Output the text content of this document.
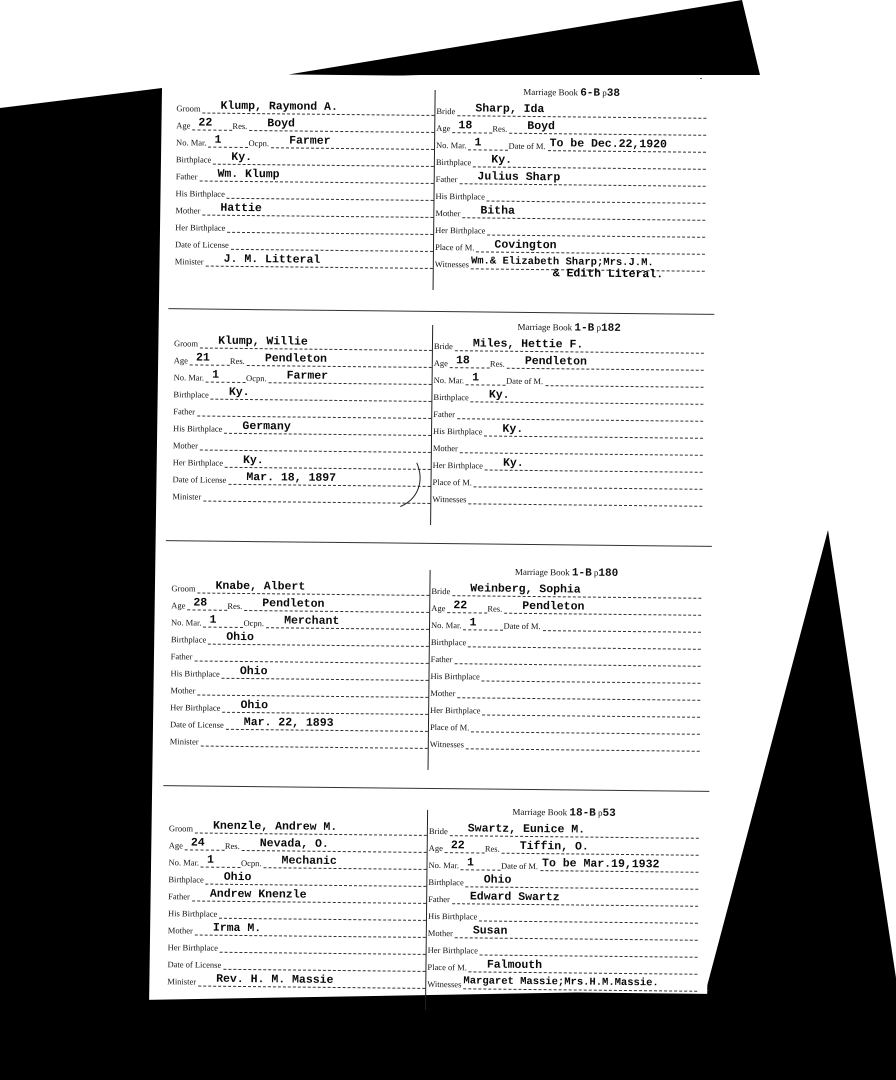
Groom	Klump, Raymond A.
Age 22	Res.	Boyd
No. Mar. 1	Ocpn.	Farmer
Birthplace	Ky.
Father	Wm. Klump
His Birthplace
Mother	Hattie
Her Birthplace
Date of License
Minister	J. M. Litteral
Marriage Book 6-B p38
Bride	Sharp, Ida
Age 18	Res.	Boyd
No. Mar. 1	Date of M. To be Dec.22,1920
Birthplace	Ky.
Father	Julius Sharp
His Birthplace
Mother	Bitha
Her Birthplace
Place of M.	Covington
Witnesses Wm.& Elizabeth Sharp;Mrs.J.M.
& Edith Literal.
Groom	Klump, Willie
Age 21	Res.	Pendleton
No. Mar. 1	Ocpn.	Farmer
Birthplace	Ky.
Father
His Birthplace	Germany
Mother
Her Birthplace	Ky.
Date of License	Mar. 18, 1897
Minister
Marriage Book 1-B p182
Bride	Miles, Hettie F.
Age 18	Res.	Pendleton
No. Mar. 1	Date of M.
Birthplace	Ky.
Father
His Birthplace	Ky.
Mother
Her Birthplace	Ky.
Place of M.
Witnesses
Groom	Knabe, Albert
Age 28	Res.	Pendleton
No. Mar. 1	Ocpn.	Merchant
Birthplace	Ohio
Father
His Birthplace	Ohio
Mother
Her Birthplace	Ohio
Date of License	Mar. 22, 1893
Minister
Marriage Book 1-B p180
Bride	Weinberg, Sophia
Age 22	Res.	Pendleton
No. Mar. 1	Date of M.
Birthplace
Father
His Birthplace
Mother
Her Birthplace
Place of M.
Witnesses
Groom	Knenzle, Andrew M.
Age 24	Res.	Nevada, O.
No. Mar. 1	Ocpn.	Mechanic
Birthplace	Ohio
Father	Andrew Knenzle
His Birthplace
Mother	Irma M.
Her Birthplace
Date of License
Minister	Rev. H. M. Massie
Marriage Book 18-B p53
Bride	Swartz, Eunice M.
Age 22	Res.	Tiffin, O.
No. Mar. 1	Date of M. To be Mar.19,1932
Birthplace	Ohio
Father	Edward Swartz
His Birthplace
Mother	Susan
Her Birthplace
Place of M.	Falmouth
Witnesses Margaret Massie;Mrs.H.M.Massie.
